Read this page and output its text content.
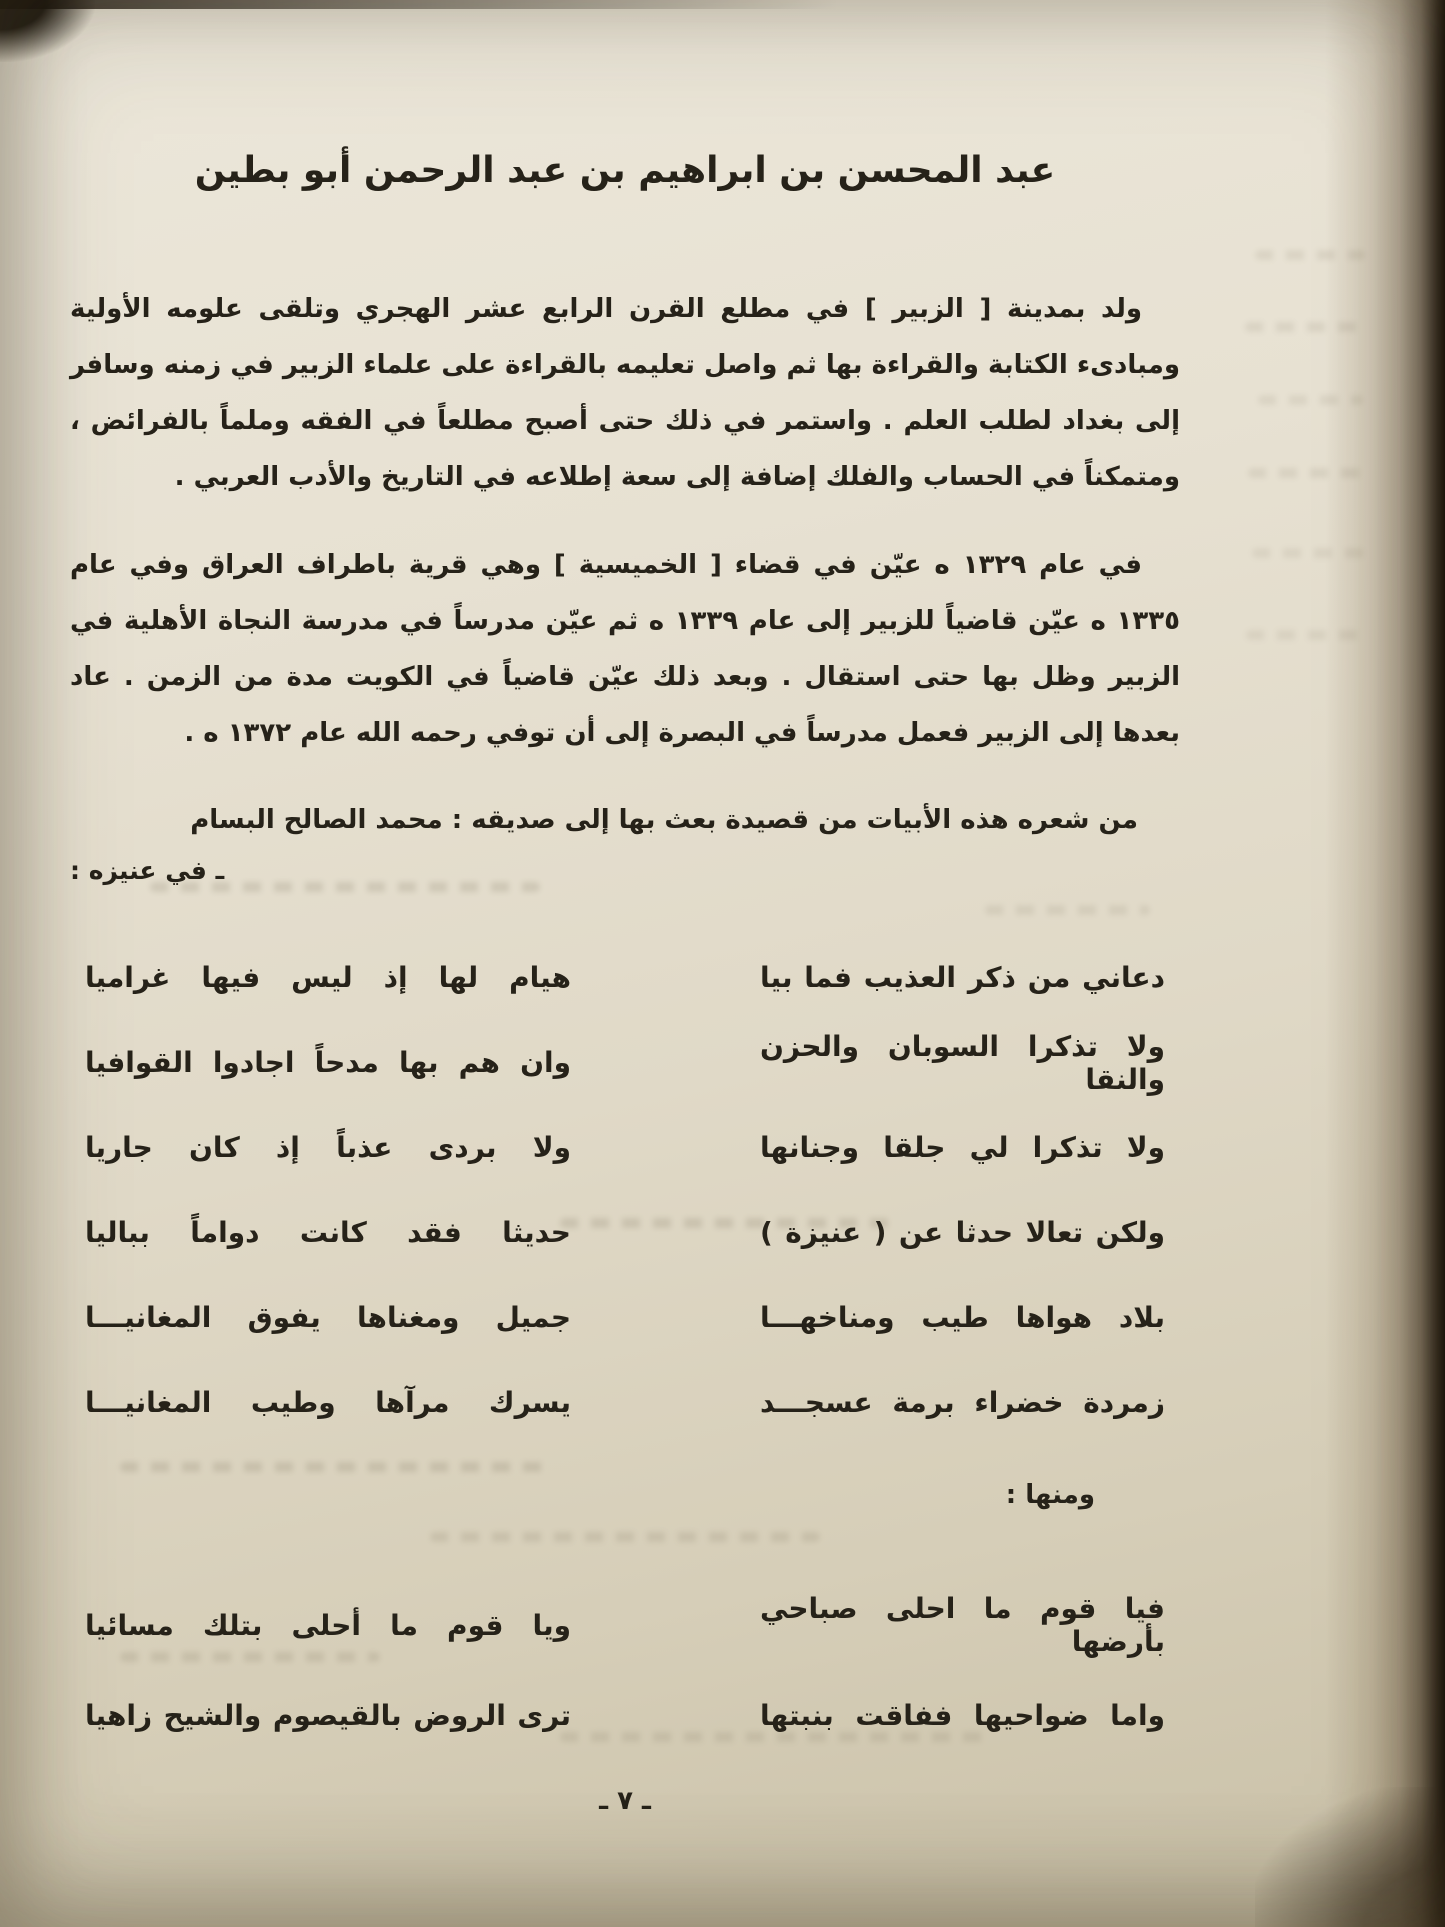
عبد المحسن بن ابراهيم بن عبد الرحمن أبو بطين
ولد بمدينة [ الزبير ] في مطلع القرن الرابع عشر الهجري وتلقى علومه الأولية
ومبادىء الكتابة والقراءة بها ثم واصل تعليمه بالقراءة على علماء الزبير في زمنه وسافر
إلى بغداد لطلب العلم . واستمر في ذلك حتى أصبح مطلعاً في الفقه وملماً بالفرائض ،
ومتمكناً في الحساب والفلك إضافة إلى سعة إطلاعه في التاريخ والأدب العربي .
في عام ١٣٢٩ ه عيّن في قضاء [ الخميسية ] وهي قرية باطراف العراق وفي عام
١٣٣٥ ه عيّن قاضياً للزبير إلى عام ١٣٣٩ ه ثم عيّن مدرساً في مدرسة النجاة الأهلية في
الزبير وظل بها حتى استقال . وبعد ذلك عيّن قاضياً في الكويت مدة من الزمن . عاد
بعدها إلى الزبير فعمل مدرساً في البصرة إلى أن توفي رحمه الله عام ١٣٧٢ ه .
من شعره هذه الأبيات من قصيدة بعث بها إلى صديقه : محمد الصالح البسام
ـ في عنيزه :
دعاني من ذكر العذيب فما بيا
هيام لها إذ ليس فيها غراميا
ولا تذكرا السوبان والحزن والنقا
وان هم بها مدحاً اجادوا القوافيا
ولا تذكرا لي جلقا وجنانها
ولا بردى عذباً إذ كان جاريا
ولكن تعالا حدثا عن ( عنيزة )
حديثا فقد كانت دواماً بباليا
بلاد هواها طيب ومناخهـــا
جميل ومغناها يفوق المغانيـــا
زمردة خضراء برمة عسجـــد
يسرك مرآها وطيب المغانيـــا
ومنها :
فيا قوم ما احلى صباحي بأرضها
ويا قوم ما أحلى بتلك مسائيا
واما ضواحيها ففاقت بنبتها
ترى الروض بالقيصوم والشيح زاهيا
ـ ٧ ـ
